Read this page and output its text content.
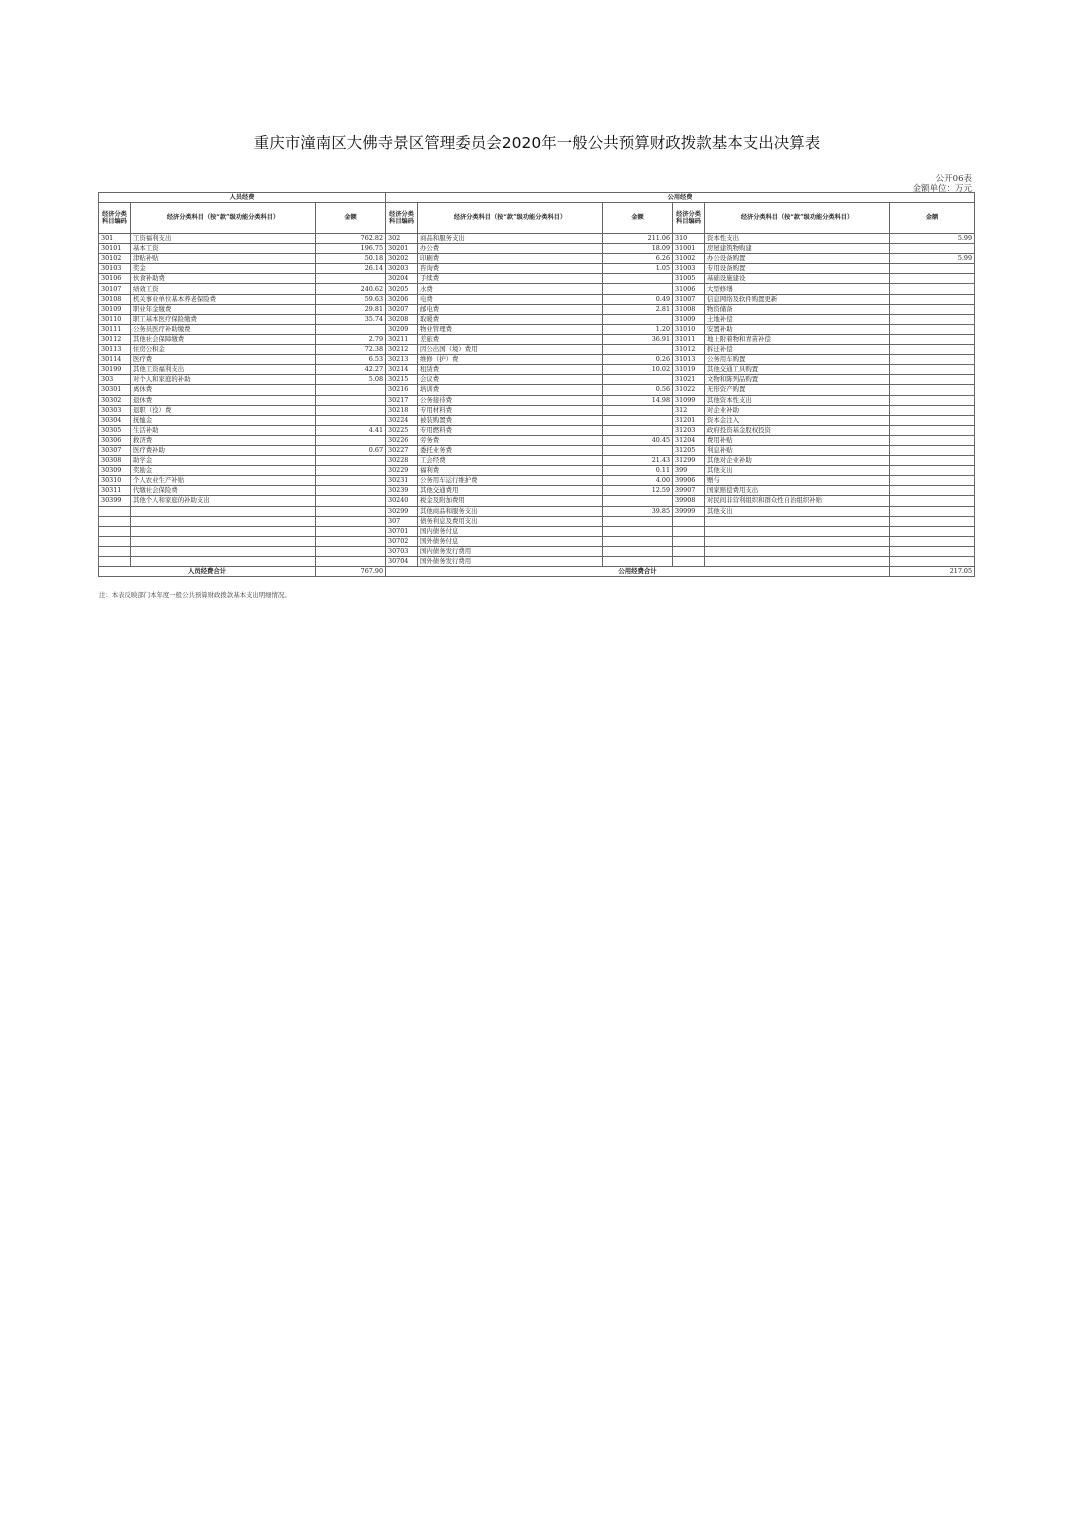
重庆市潼南区大佛寺景区管理委员会2020年一般公共预算财政拨款基本支出决算表
公开06表
金额单位：万元
人员经费			公用经费					
经济分类科目编码	经济分类科目（按“款”级功能分类科目）	金额	经济分类科目编码	经济分类科目（按“款”级功能分类科目）	金额	经济分类科目编码	经济分类科目（按“款”级功能分类科目）	金额
301	工资福利支出	762.82	302	商品和服务支出	211.06	310	资本性支出	5.99
30101	基本工资	196.75	30201	办公费	18.09	31001	房屋建筑物购建	
30102	津贴补贴	50.18	30202	印刷费	6.26	31002	办公设备购置	5.99
30103	奖金	26.14	30203	咨询费	1.05	31003	专用设备购置	
30106	伙食补助费		30204	手续费		31005	基础设施建设	
30107	绩效工资	240.62	30205	水费		31006	大型修缮	
30108	机关事业单位基本养老保险费	59.63	30206	电费	0.49	31007	信息网络及软件购置更新	
30109	职业年金缴费	29.81	30207	邮电费	2.81	31008	物资储备	
30110	职工基本医疗保险缴费	35.74	30208	取暖费		31009	土地补偿	
30111	公务员医疗补助缴费		30209	物业管理费	1.20	31010	安置补助	
30112	其他社会保障缴费	2.79	30211	差旅费	36.91	31011	地上附着物和青苗补偿	
30113	住房公积金	72.38	30212	因公出国（境）费用		31012	拆迁补偿	
30114	医疗费	6.53	30213	维修（护）费	0.26	31013	公务用车购置	
30199	其他工资福利支出	42.27	30214	租赁费	10.02	31019	其他交通工具购置	
303	对个人和家庭的补助	5.08	30215	会议费		31021	文物和陈列品购置	
30301	离休费		30216	培训费	0.56	31022	无形资产购置	
30302	退休费		30217	公务接待费	14.98	31099	其他资本性支出	
30303	退职（役）费		30218	专用材料费		312	对企业补助	
30304	抚恤金		30224	被装购置费		31201	资本金注入	
30305	生活补助	4.41	30225	专用燃料费		31203	政府投资基金股权投资	
30306	救济费		30226	劳务费	40.45	31204	费用补贴	
30307	医疗费补助	0.67	30227	委托业务费		31205	利息补贴	
30308	助学金		30228	工会经费	21.43	31299	其他对企业补助	
30309	奖励金		30229	福利费	0.11	399	其他支出	
30310	个人农业生产补贴		30231	公务用车运行维护费	4.00	39906	赠与	
30311	代缴社会保险费		30239	其他交通费用	12.59	39907	国家赔偿费用支出	
30399	其他个人和家庭的补助支出		30240	税金及附加费用		39908	对民间非营利组织和群众性自治组织补贴	
			30299	其他商品和服务支出	39.85	39999	其他支出	
			307	债务利息及费用支出				
			30701	国内债务付息				
			30702	国外债务付息				
			30703	国内债务发行费用				
			30704	国外债务发行费用				
人员经费合计		767.90	公用经费合计					217.05
注：本表反映部门本年度一般公共预算财政拨款基本支出明细情况。
